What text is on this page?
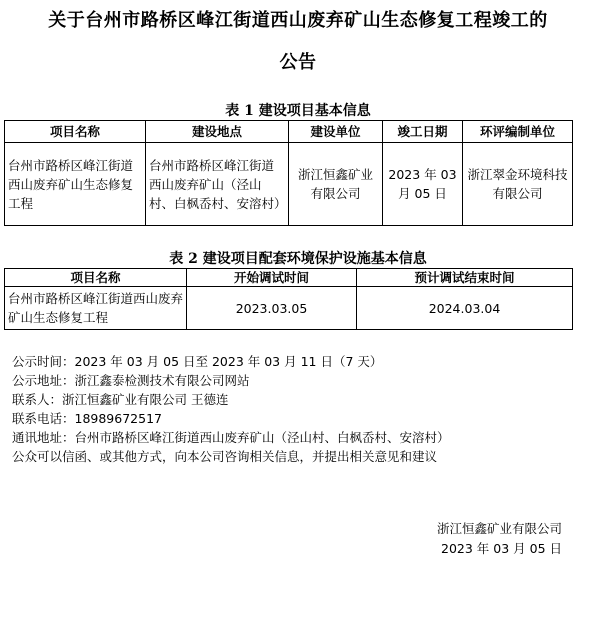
关于台州市路桥区峰江街道西山废弃矿山生态修复工程竣工的
公告
表 1 建设项目基本信息
项目名称	建设地点	建设单位	竣工日期	环评编制单位
台州市路桥区峰江街道西山废弃矿山生态修复工程	台州市路桥区峰江街道西山废弃矿山（泾山村、白枫岙村、安溶村）	浙江恒鑫矿业有限公司	2023 年 03 月 05 日	浙江翠金环境科技有限公司
表 2 建设项目配套环境保护设施基本信息
项目名称	开始调试时间	预计调试结束时间
台州市路桥区峰江街道西山废弃矿山生态修复工程	2023.03.05	2024.03.04
公示时间：2023 年 03 月 05 日至 2023 年 03 月 11 日（7 天）
公示地址：浙江鑫泰检测技术有限公司网站
联系人：浙江恒鑫矿业有限公司 王德连
联系电话：18989672517
通讯地址：台州市路桥区峰江街道西山废弃矿山（泾山村、白枫岙村、安溶村）
公众可以信函、或其他方式，向本公司咨询相关信息，并提出相关意见和建议
浙江恒鑫矿业有限公司
2023 年 03 月 05 日
